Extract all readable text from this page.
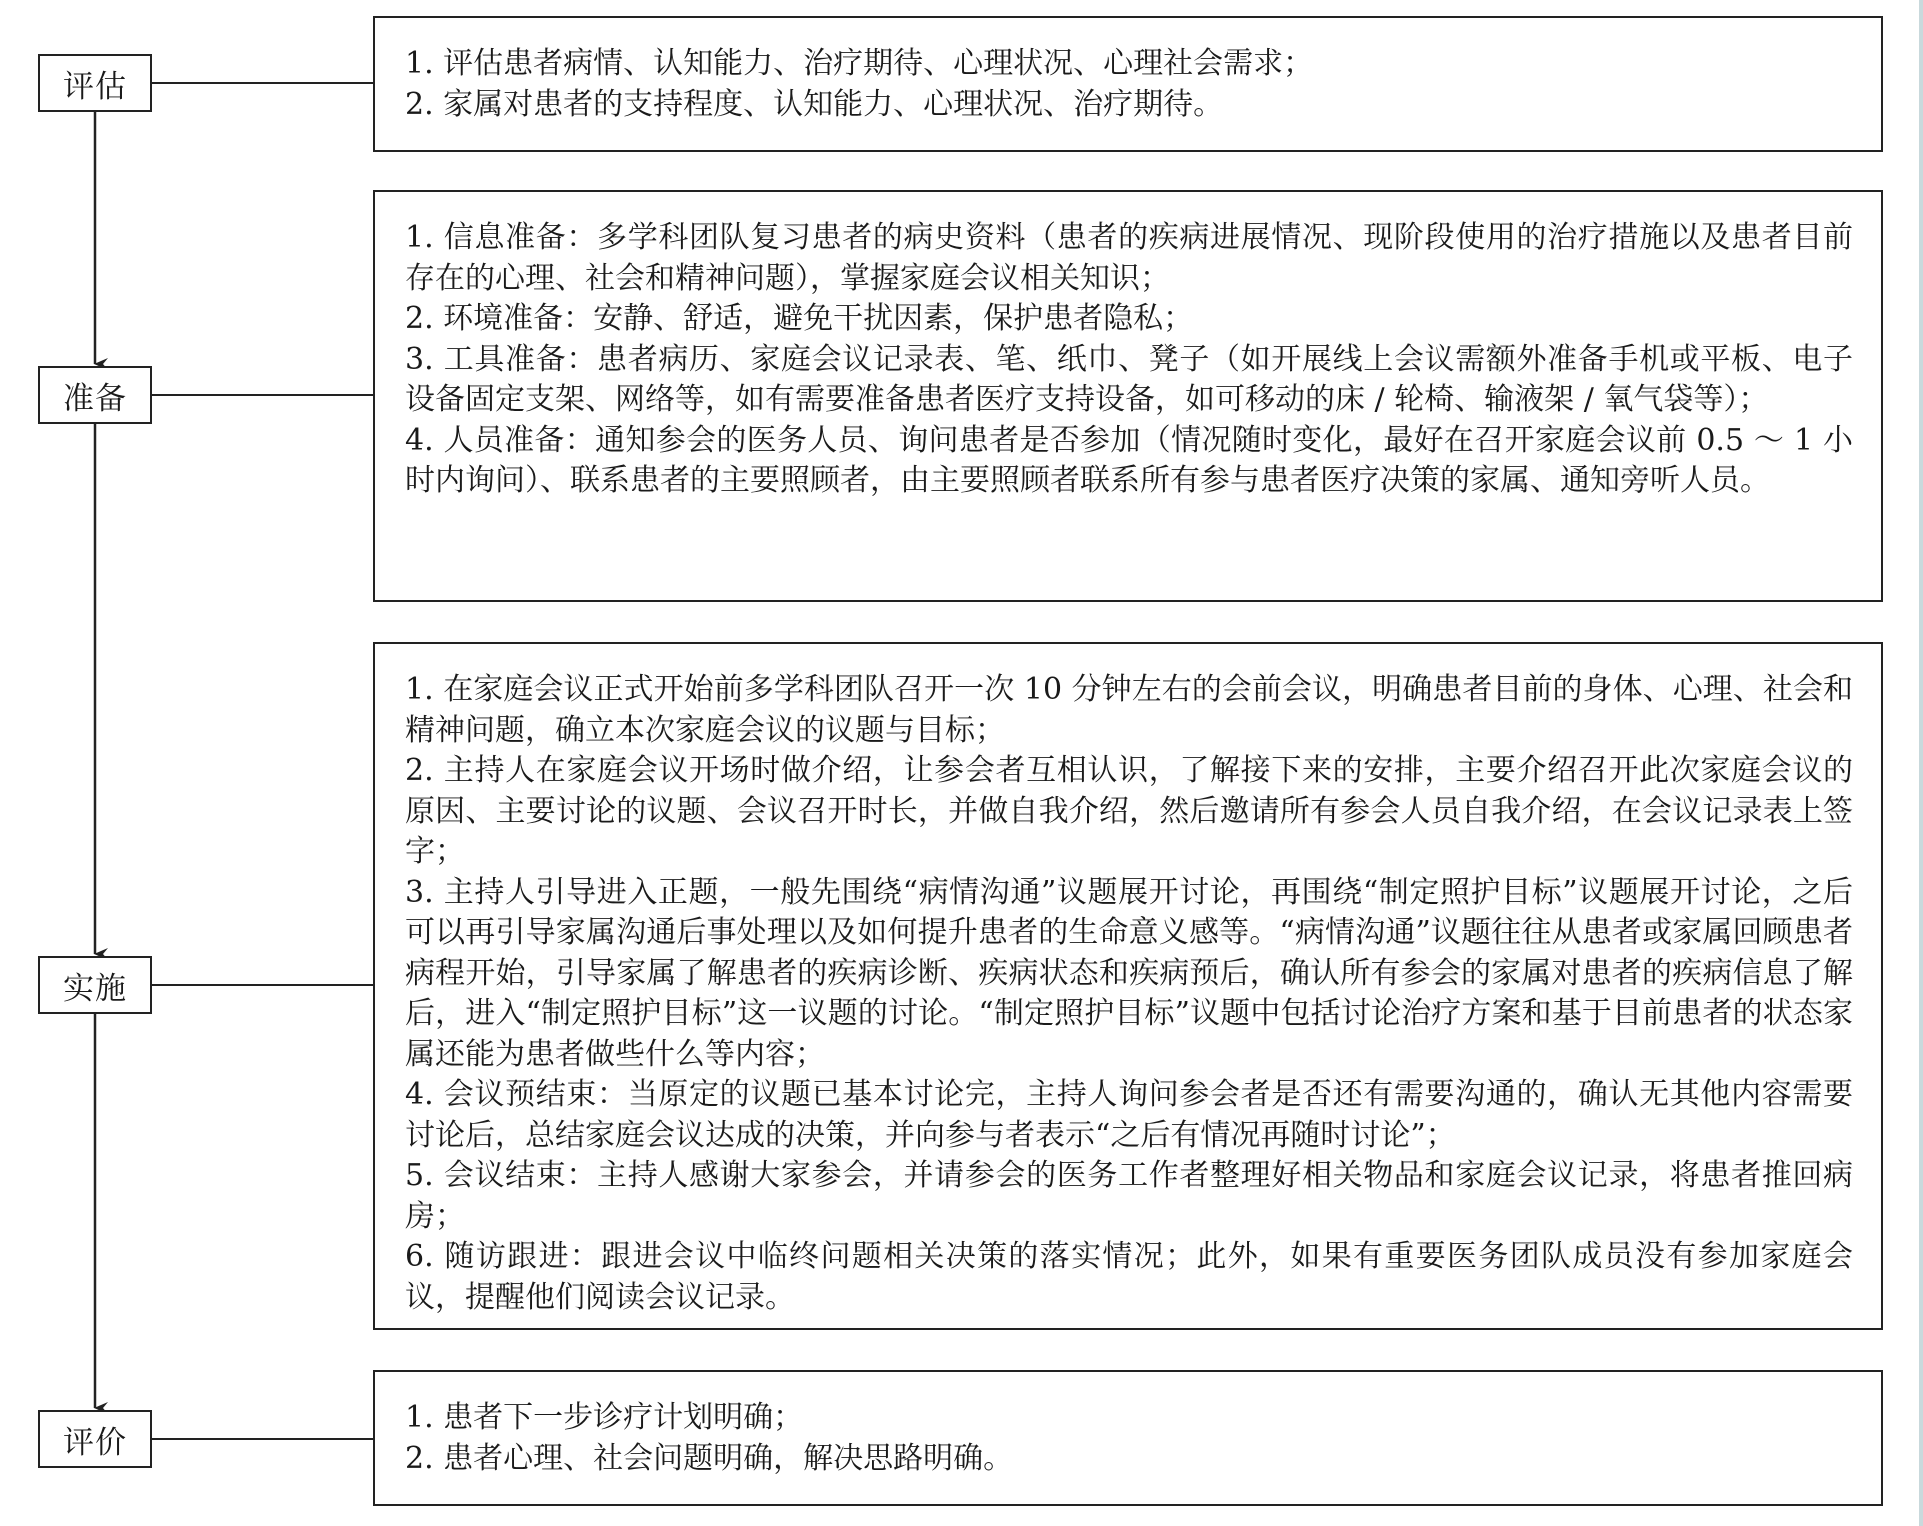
评估
准备
实施
评价
1. 评估患者病情、认知能力、治疗期待、心理状况、心理社会需求；
2. 家属对患者的支持程度、认知能力、心理状况、治疗期待。
1. 信息准备：多学科团队复习患者的病史资料（患者的疾病进展情况、现阶段使用的治疗措施以及患者目前存在的心理、社会和精神问题），掌握家庭会议相关知识；
2. 环境准备：安静、舒适，避免干扰因素，保护患者隐私；
3. 工具准备：患者病历、家庭会议记录表、笔、纸巾、凳子（如开展线上会议需额外准备手机或平板、电子设备固定支架、网络等，如有需要准备患者医疗支持设备，如可移动的床 / 轮椅、输液架 / 氧气袋等）；
4. 人员准备：通知参会的医务人员、询问患者是否参加（情况随时变化，最好在召开家庭会议前 0.5 ～ 1 小时内询问）、联系患者的主要照顾者，由主要照顾者联系所有参与患者医疗决策的家属、通知旁听人员。
1. 在家庭会议正式开始前多学科团队召开一次 10 分钟左右的会前会议，明确患者目前的身体、心理、社会和精神问题，确立本次家庭会议的议题与目标；
2. 主持人在家庭会议开场时做介绍，让参会者互相认识，了解接下来的安排，主要介绍召开此次家庭会议的原因、主要讨论的议题、会议召开时长，并做自我介绍，然后邀请所有参会人员自我介绍，在会议记录表上签字；
3. 主持人引导进入正题，一般先围绕“病情沟通”议题展开讨论，再围绕“制定照护目标”议题展开讨论，之后可以再引导家属沟通后事处理以及如何提升患者的生命意义感等。“病情沟通”议题往往从患者或家属回顾患者病程开始，引导家属了解患者的疾病诊断、疾病状态和疾病预后，确认所有参会的家属对患者的疾病信息了解后，进入“制定照护目标”这一议题的讨论。“制定照护目标”议题中包括讨论治疗方案和基于目前患者的状态家属还能为患者做些什么等内容；
4. 会议预结束：当原定的议题已基本讨论完，主持人询问参会者是否还有需要沟通的，确认无其他内容需要讨论后，总结家庭会议达成的决策，并向参与者表示“之后有情况再随时讨论”；
5. 会议结束：主持人感谢大家参会，并请参会的医务工作者整理好相关物品和家庭会议记录，将患者推回病房；
6. 随访跟进：跟进会议中临终问题相关决策的落实情况；此外，如果有重要医务团队成员没有参加家庭会议，提醒他们阅读会议记录。
1. 患者下一步诊疗计划明确；
2. 患者心理、社会问题明确，解决思路明确。
